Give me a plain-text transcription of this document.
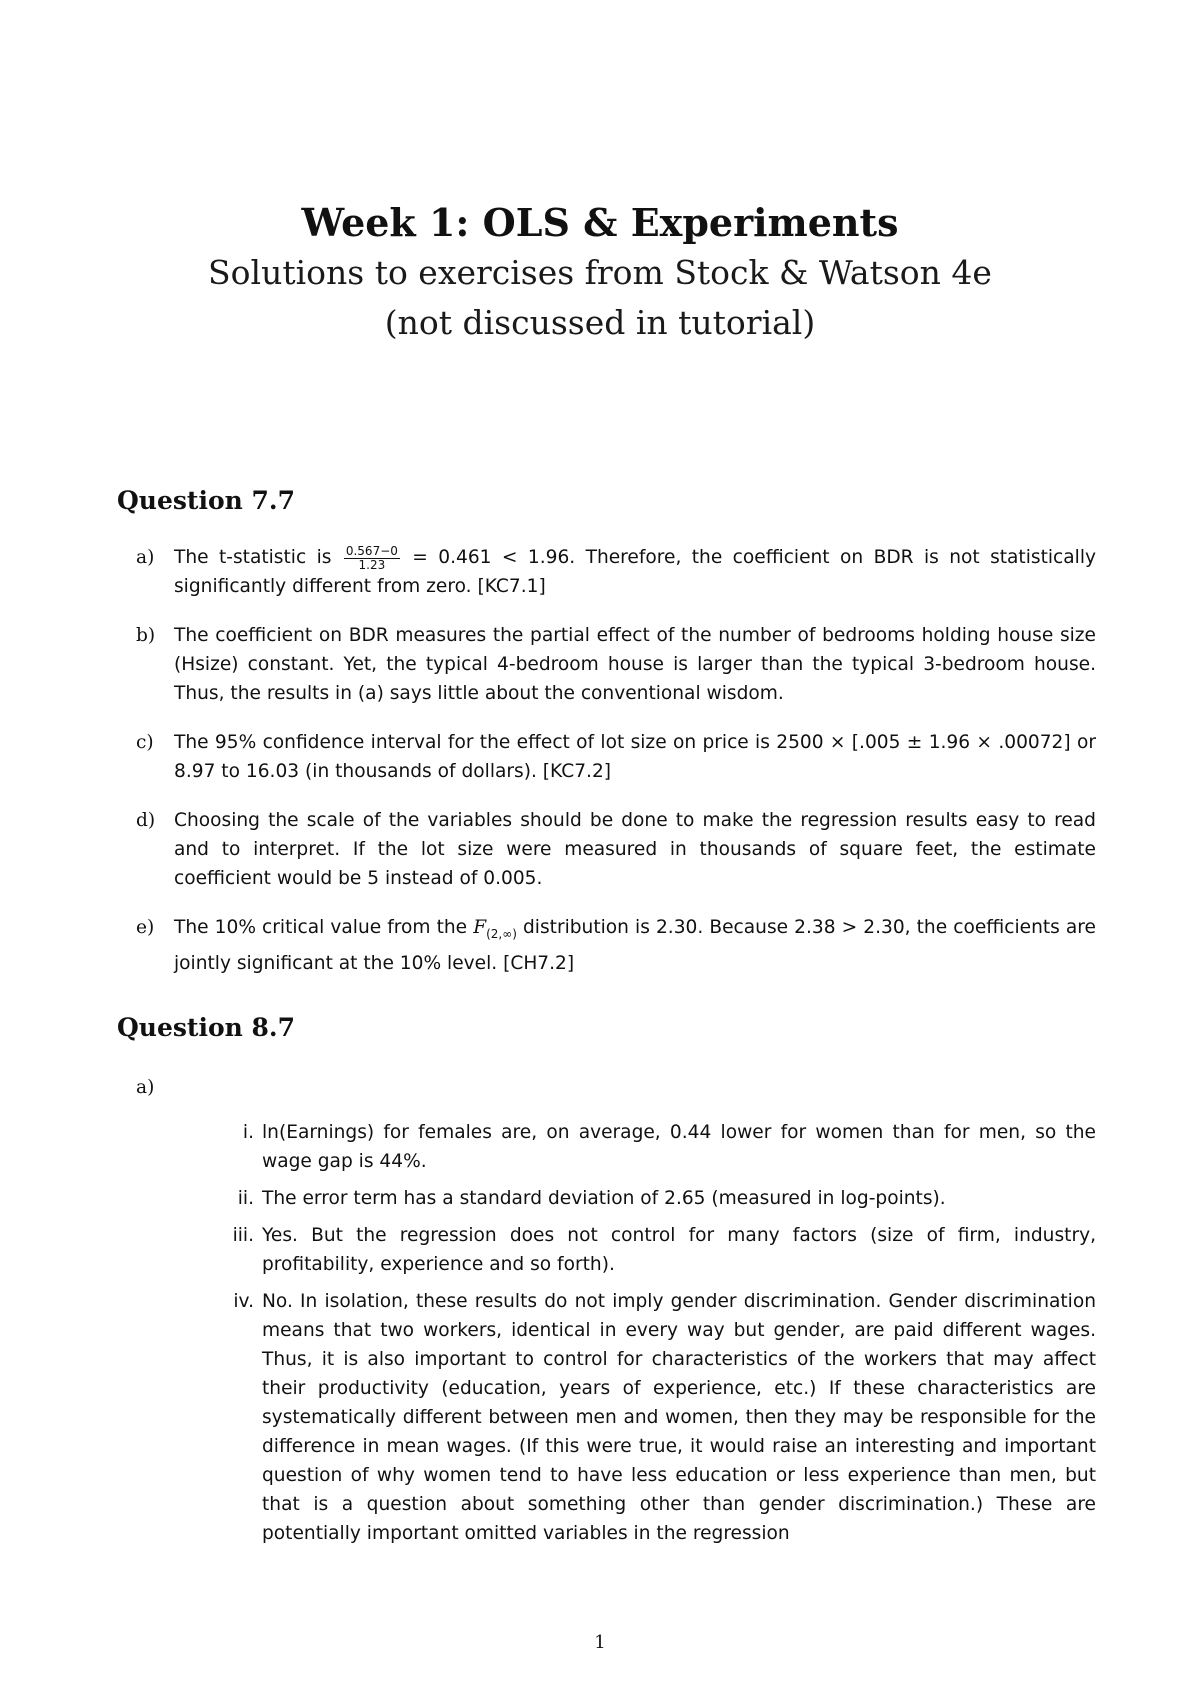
Week 1: OLS & Experiments
Solutions to exercises from Stock & Watson 4e
(not discussed in tutorial)
Question 7.7
a) The t-statistic is $\frac{0.567-0}{1.23} = 0.461 < 1.96$. Therefore, the coefficient on BDR is not statistically significantly different from zero. [KC7.1]
b) The coefficient on BDR measures the partial effect of the number of bedrooms holding house size (Hsize) constant. Yet, the typical 4-bedroom house is larger than the typical 3-bedroom house. Thus, the results in (a) says little about the conventional wisdom.
c) The 95% confidence interval for the effect of lot size on price is 2500 × [.005 ± 1.96 × .00072] or 8.97 to 16.03 (in thousands of dollars). [KC7.2]
d) Choosing the scale of the variables should be done to make the regression results easy to read and to interpret. If the lot size were measured in thousands of square feet, the estimate coefficient would be 5 instead of 0.005.
e) The 10% critical value from the $F_{(2,\infty)}$ distribution is 2.30. Because 2.38 > 2.30, the coefficients are jointly significant at the 10% level. [CH7.2]
Question 8.7
a)

i. ln(Earnings) for females are, on average, 0.44 lower for women than for men, so the wage gap is 44%.
ii. The error term has a standard deviation of 2.65 (measured in log-points).
iii. Yes. But the regression does not control for many factors (size of firm, industry, profitability, experience and so forth).
iv. No. In isolation, these results do not imply gender discrimination. Gender discrimination means that two workers, identical in every way but gender, are paid different wages. Thus, it is also important to control for characteristics of the workers that may affect their productivity (education, years of experience, etc.) If these characteristics are systematically different between men and women, then they may be responsible for the difference in mean wages. (If this were true, it would raise an interesting and important question of why women tend to have less education or less experience than men, but that is a question about something other than gender discrimination.) These are potentially important omitted variables in the regression
1
